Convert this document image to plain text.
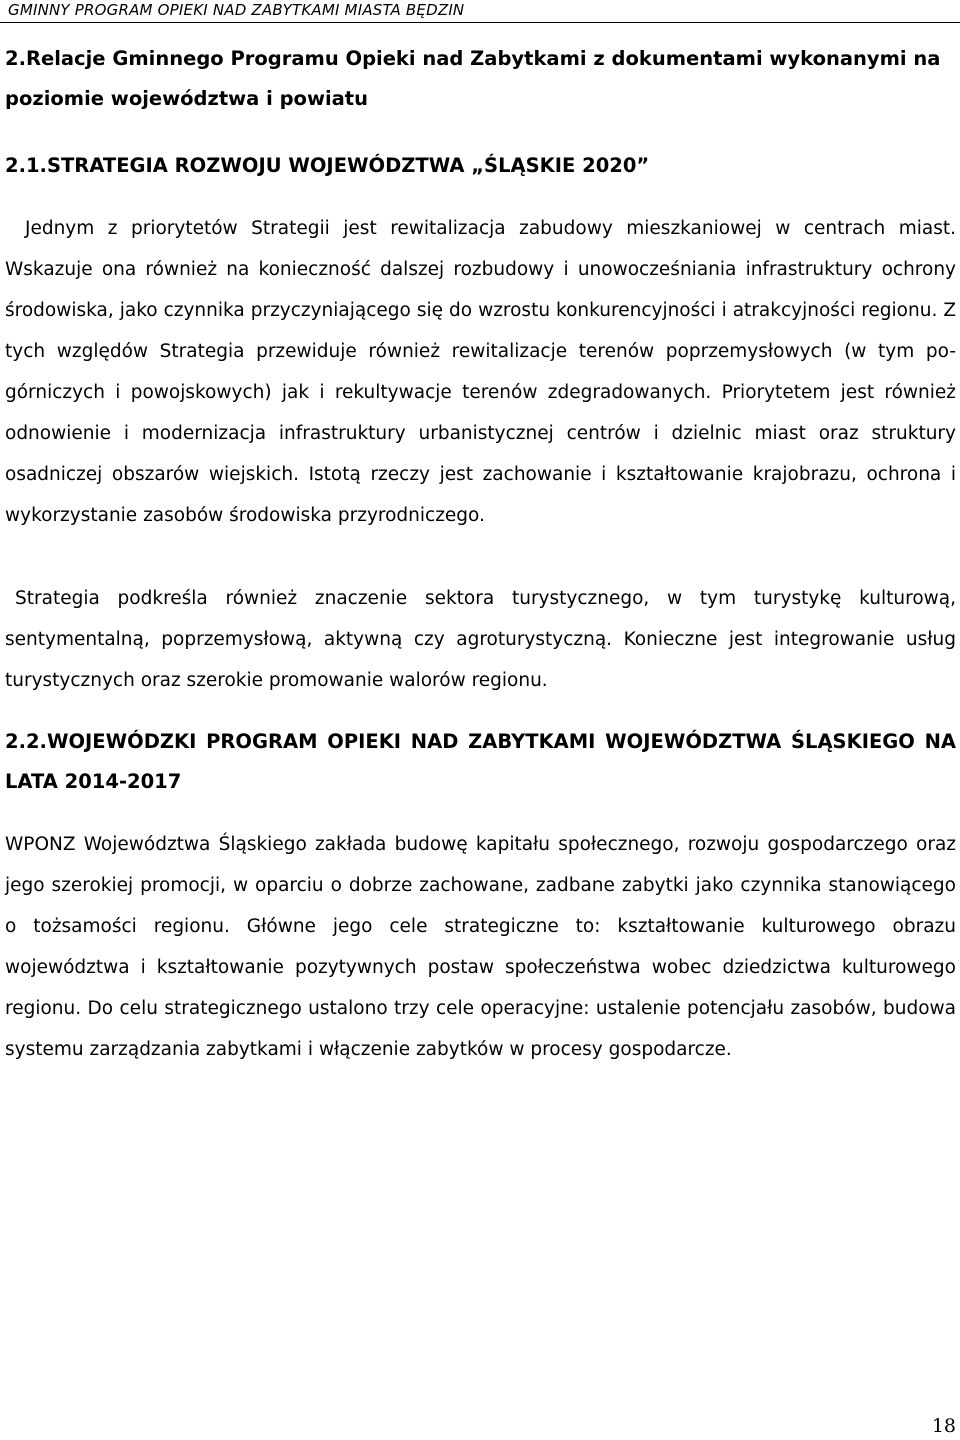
GMINNY PROGRAM OPIEKI NAD ZABYTKAMI MIASTA BĘDZIN
2.Relacje Gminnego Programu Opieki nad Zabytkami z dokumentami wykonanymi na poziomie województwa i powiatu
2.1.STRATEGIA ROZWOJU WOJEWÓDZTWA „ŚLĄSKIE 2020”
Jednym z priorytetów Strategii jest rewitalizacja zabudowy mieszkaniowej w centrach miast. Wskazuje ona również na konieczność dalszej rozbudowy i unowocześniania infrastruktury ochrony środowiska, jako czynnika przyczyniającego się do wzrostu konkurencyjności i atrakcyjności regionu. Z tych względów Strategia przewiduje również rewitalizacje terenów poprzemysłowych (w tym po-górniczych i powojskowych) jak i rekultywacje terenów zdegradowanych. Priorytetem jest również odnowienie i modernizacja infrastruktury urbanistycznej centrów i dzielnic miast oraz struktury osadniczej obszarów wiejskich. Istotą rzeczy jest zachowanie i kształtowanie krajobrazu, ochrona i wykorzystanie zasobów środowiska przyrodniczego.
Strategia podkreśla również znaczenie sektora turystycznego, w tym turystykę kulturową, sentymentalną, poprzemysłową, aktywną czy agroturystyczną. Konieczne jest integrowanie usług turystycznych oraz szerokie promowanie walorów regionu.
2.2.WOJEWÓDZKI PROGRAM OPIEKI NAD ZABYTKAMI WOJEWÓDZTWA ŚLĄSKIEGO NA LATA 2014-2017
WPONZ Województwa Śląskiego zakłada budowę kapitału społecznego, rozwoju gospodarczego oraz jego szerokiej promocji, w oparciu o dobrze zachowane, zadbane zabytki jako czynnika stanowiącego o tożsamości regionu. Główne jego cele strategiczne to: kształtowanie kulturowego obrazu województwa i kształtowanie pozytywnych postaw społeczeństwa wobec dziedzictwa kulturowego regionu. Do celu strategicznego ustalono trzy cele operacyjne: ustalenie potencjału zasobów, budowa systemu zarządzania zabytkami i włączenie zabytków w procesy gospodarcze.
18
